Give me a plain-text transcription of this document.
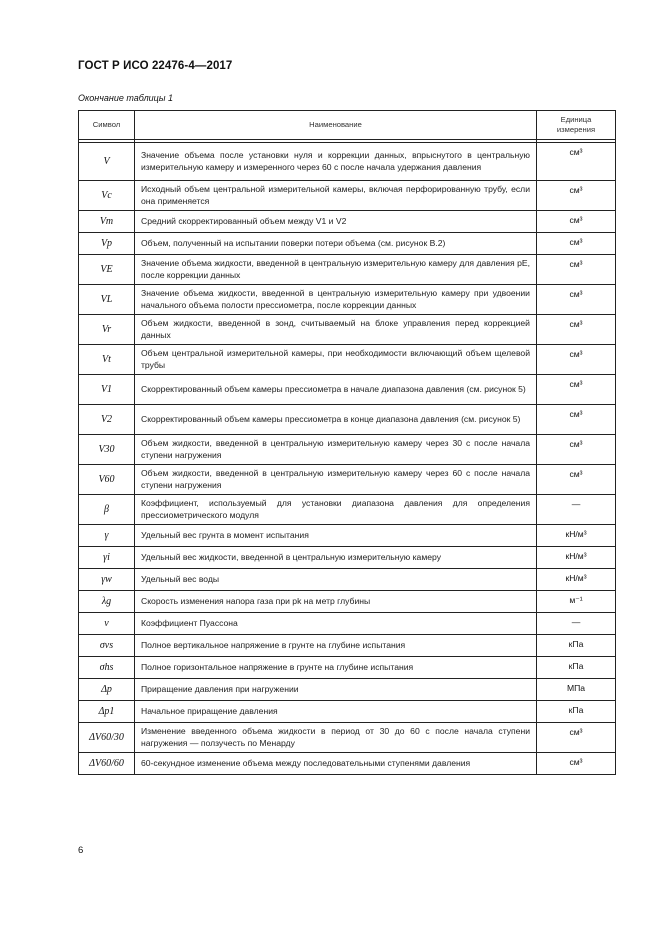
ГОСТ Р ИСО 22476-4—2017
Окончание таблицы 1
Символ	Наименование	Единица измерения

V	Значение объема после установки нуля и коррекции данных, впрыснутого в центральную измерительную камеру и измеренного через 60 с после начала удержания давления	см³
Vc	Исходный объем центральной измерительной камеры, включая перфорированную трубу, если она применяется	см³
Vm	Средний скорректированный объем между V1 и V2	см³
Vp	Объем, полученный на испытании поверки потери объема (см. рисунок В.2)	см³
VE	Значение объема жидкости, введенной в центральную измерительную камеру для давления pE, после коррекции данных	см³
VL	Значение объема жидкости, введенной в центральную измерительную камеру при удвоении начального объема полости прессиометра, после коррекции данных	см³
Vr	Объем жидкости, введенной в зонд, считываемый на блоке управления перед коррекцией данных	см³
Vt	Объем центральной измерительной камеры, при необходимости включающий объем щелевой трубы	см³
V1	Скорректированный объем камеры прессиометра в начале диапазона давления (см. рисунок 5)	см³
V2	Скорректированный объем камеры прессиометра в конце диапазона давления (см. рисунок 5)	см³
V30	Объем жидкости, введенной в центральную измерительную камеру через 30 с после начала ступени нагружения	см³
V60	Объем жидкости, введенной в центральную измерительную камеру через 60 с после начала ступени нагружения	см³
β	Коэффициент, используемый для установки диапазона давления для определения прессиометрического модуля	—
γ	Удельный вес грунта в момент испытания	кН/м³
γi	Удельный вес жидкости, введенной в центральную измерительную камеру	кН/м³
γw	Удельный вес воды	кН/м³
λg	Скорость изменения напора газа при pk на метр глубины	м⁻¹
ν	Коэффициент Пуассона	—
σvs	Полное вертикальное напряжение в грунте на глубине испытания	кПа
σhs	Полное горизонтальное напряжение в грунте на глубине испытания	кПа
Δp	Приращение давления при нагружении	МПа
Δp1	Начальное приращение давления	кПа
ΔV60/30	Изменение введенного объема жидкости в период от 30 до 60 с после начала ступени нагружения — ползучесть по Менарду	см³
ΔV60/60	60-секундное изменение объема между последовательными ступенями давления	см³
6
